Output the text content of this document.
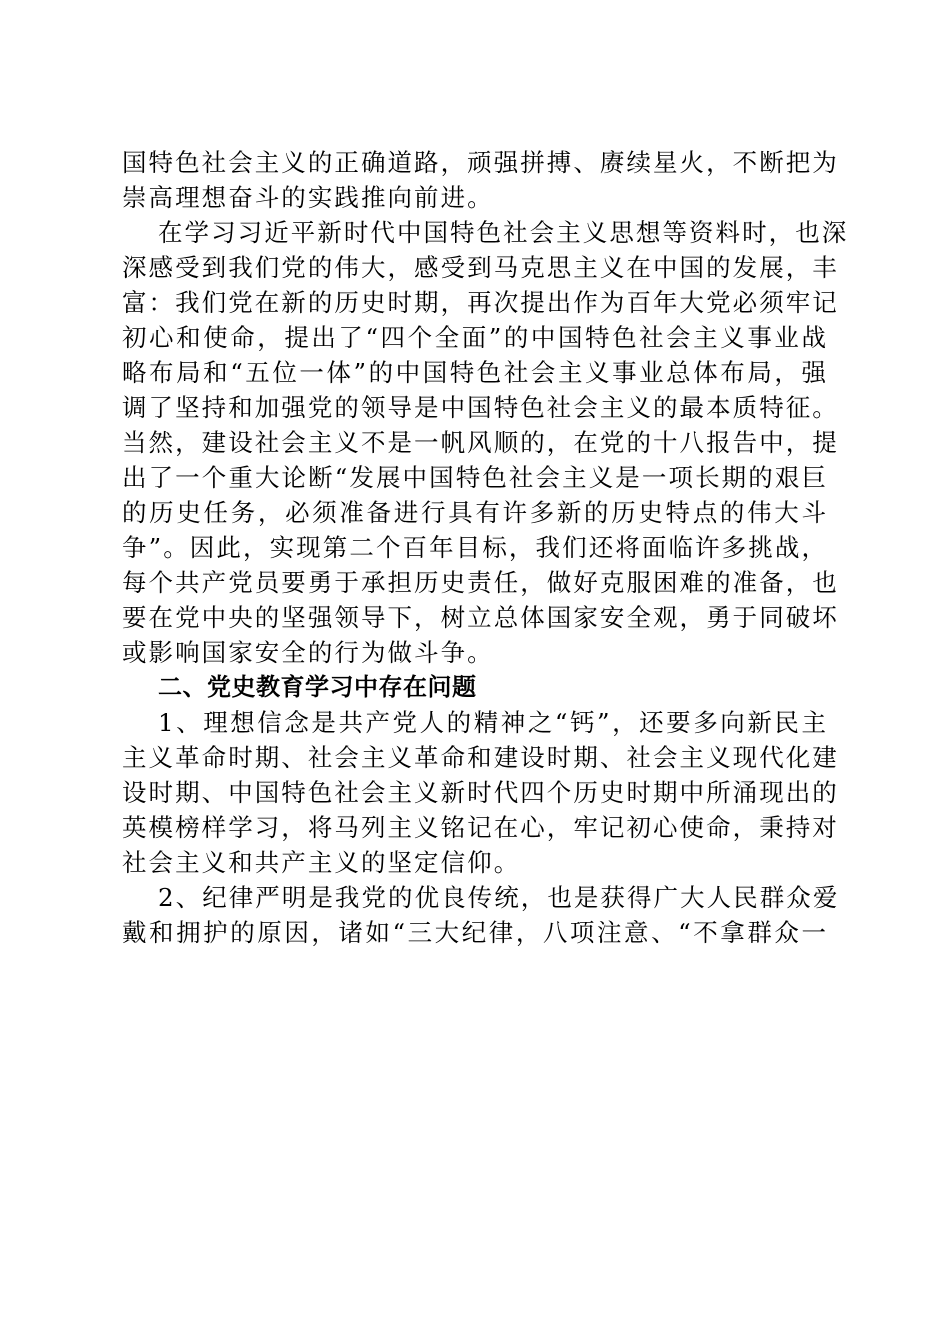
国特色社会主义的正确道路，顽强拼搏、赓续星火，不断把为
崇高理想奋斗的实践推向前进。
在学习习近平新时代中国特色社会主义思想等资料时，也深
深感受到我们党的伟大，感受到马克思主义在中国的发展，丰
富：我们党在新的历史时期，再次提出作为百年大党必须牢记
初心和使命，提出了“四个全面”的中国特色社会主义事业战
略布局和“五位一体”的中国特色社会主义事业总体布局，强
调了坚持和加强党的领导是中国特色社会主义的最本质特征。
当然，建设社会主义不是一帆风顺的，在党的十八报告中，提
出了一个重大论断“发展中国特色社会主义是一项长期的艰巨
的历史任务，必须准备进行具有许多新的历史特点的伟大斗
争”。因此，实现第二个百年目标，我们还将面临许多挑战，
每个共产党员要勇于承担历史责任，做好克服困难的准备，也
要在党中央的坚强领导下，树立总体国家安全观，勇于同破坏
或影响国家安全的行为做斗争。
二、党史教育学习中存在问题
1、理想信念是共产党人的精神之“钙”，还要多向新民主
主义革命时期、社会主义革命和建设时期、社会主义现代化建
设时期、中国特色社会主义新时代四个历史时期中所涌现出的
英模榜样学习，将马列主义铭记在心，牢记初心使命，秉持对
社会主义和共产主义的坚定信仰。
2、纪律严明是我党的优良传统，也是获得广大人民群众爱
戴和拥护的原因，诸如“三大纪律，八项注意、“不拿群众一
